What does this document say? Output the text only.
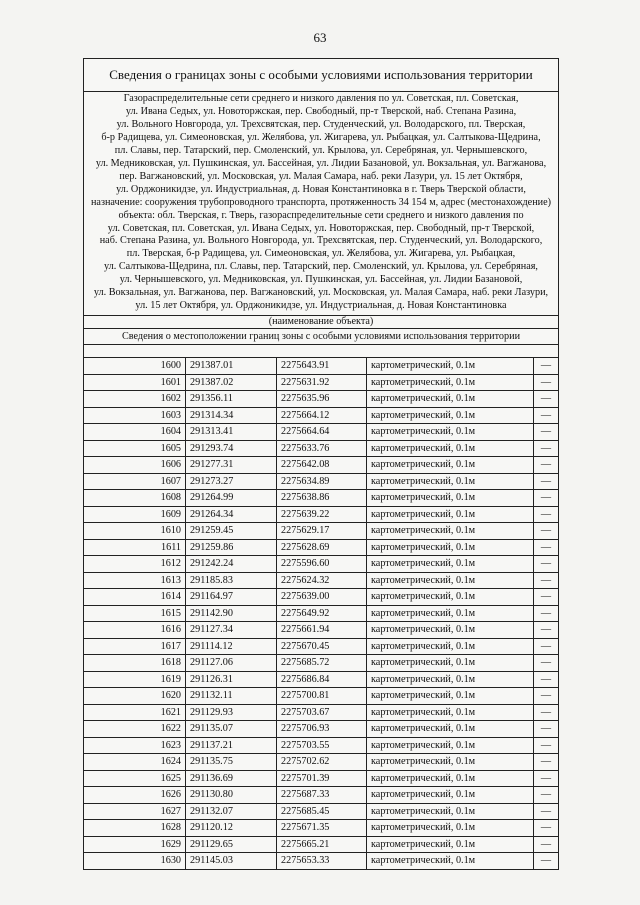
63
Сведения о границах зоны с особыми условиями использования территории
Газораспределительные сети среднего и низкого давления по ул. Советская, пл. Советская,
ул. Ивана Седых, ул. Новоторжская, пер. Свободный, пр-т Тверской, наб. Степана Разина,
ул. Вольного Новгорода, ул. Трехсвятская, пер. Студенческий, ул. Володарского, пл. Тверская,
б-р Радищева, ул. Симеоновская, ул. Желябова, ул. Жигарева, ул. Рыбацкая, ул. Салтыкова-Щедрина,
пл. Славы, пер. Татарский, пер. Смоленский, ул. Крылова, ул. Серебряная, ул. Чернышевского,
ул. Медниковская, ул. Пушкинская, ул. Бассейная, ул. Лидии Базановой, ул. Вокзальная, ул. Вагжанова,
пер. Вагжановский, ул. Московская, ул. Малая Самара, наб. реки Лазури, ул. 15 лет Октября,
ул. Орджоникидзе, ул. Индустриальная, д. Новая Константиновка в г. Тверь Тверской области,
назначение: сооружения трубопроводного транспорта, протяженность 34 154 м, адрес (местонахождение)
объекта: обл. Тверская, г. Тверь, газораспределительные сети среднего и низкого давления по
ул. Советская, пл. Советская, ул. Ивана Седых, ул. Новоторжская, пер. Свободный, пр-т Тверской,
наб. Степана Разина, ул. Вольного Новгорода, ул. Трехсвятская, пер. Студенческий, ул. Володарского,
пл. Тверская, б-р Радищева, ул. Симеоновская, ул. Желябова, ул. Жигарева, ул. Рыбацкая,
ул. Салтыкова-Щедрина, пл. Славы, пер. Татарский, пер. Смоленский, ул. Крылова, ул. Серебряная,
ул. Чернышевского, ул. Медниковская, ул. Пушкинская, ул. Бассейная, ул. Лидии Базановой,
ул. Вокзальная, ул. Вагжанова, пер. Вагжановский, ул. Московская, ул. Малая Самара, наб. реки Лазури,
ул. 15 лет Октября, ул. Орджоникидзе, ул. Индустриальная, д. Новая Константиновка
(наименование объекта)
Сведения о местоположении границ зоны с особыми условиями использования территории
1600	291387.01	2275643.91	картометрический, 0.1м	—
1601	291387.02	2275631.92	картометрический, 0.1м	—
1602	291356.11	2275635.96	картометрический, 0.1м	—
1603	291314.34	2275664.12	картометрический, 0.1м	—
1604	291313.41	2275664.64	картометрический, 0.1м	—
1605	291293.74	2275633.76	картометрический, 0.1м	—
1606	291277.31	2275642.08	картометрический, 0.1м	—
1607	291273.27	2275634.89	картометрический, 0.1м	—
1608	291264.99	2275638.86	картометрический, 0.1м	—
1609	291264.34	2275639.22	картометрический, 0.1м	—
1610	291259.45	2275629.17	картометрический, 0.1м	—
1611	291259.86	2275628.69	картометрический, 0.1м	—
1612	291242.24	2275596.60	картометрический, 0.1м	—
1613	291185.83	2275624.32	картометрический, 0.1м	—
1614	291164.97	2275639.00	картометрический, 0.1м	—
1615	291142.90	2275649.92	картометрический, 0.1м	—
1616	291127.34	2275661.94	картометрический, 0.1м	—
1617	291114.12	2275670.45	картометрический, 0.1м	—
1618	291127.06	2275685.72	картометрический, 0.1м	—
1619	291126.31	2275686.84	картометрический, 0.1м	—
1620	291132.11	2275700.81	картометрический, 0.1м	—
1621	291129.93	2275703.67	картометрический, 0.1м	—
1622	291135.07	2275706.93	картометрический, 0.1м	—
1623	291137.21	2275703.55	картометрический, 0.1м	—
1624	291135.75	2275702.62	картометрический, 0.1м	—
1625	291136.69	2275701.39	картометрический, 0.1м	—
1626	291130.80	2275687.33	картометрический, 0.1м	—
1627	291132.07	2275685.45	картометрический, 0.1м	—
1628	291120.12	2275671.35	картометрический, 0.1м	—
1629	291129.65	2275665.21	картометрический, 0.1м	—
1630	291145.03	2275653.33	картометрический, 0.1м	—
